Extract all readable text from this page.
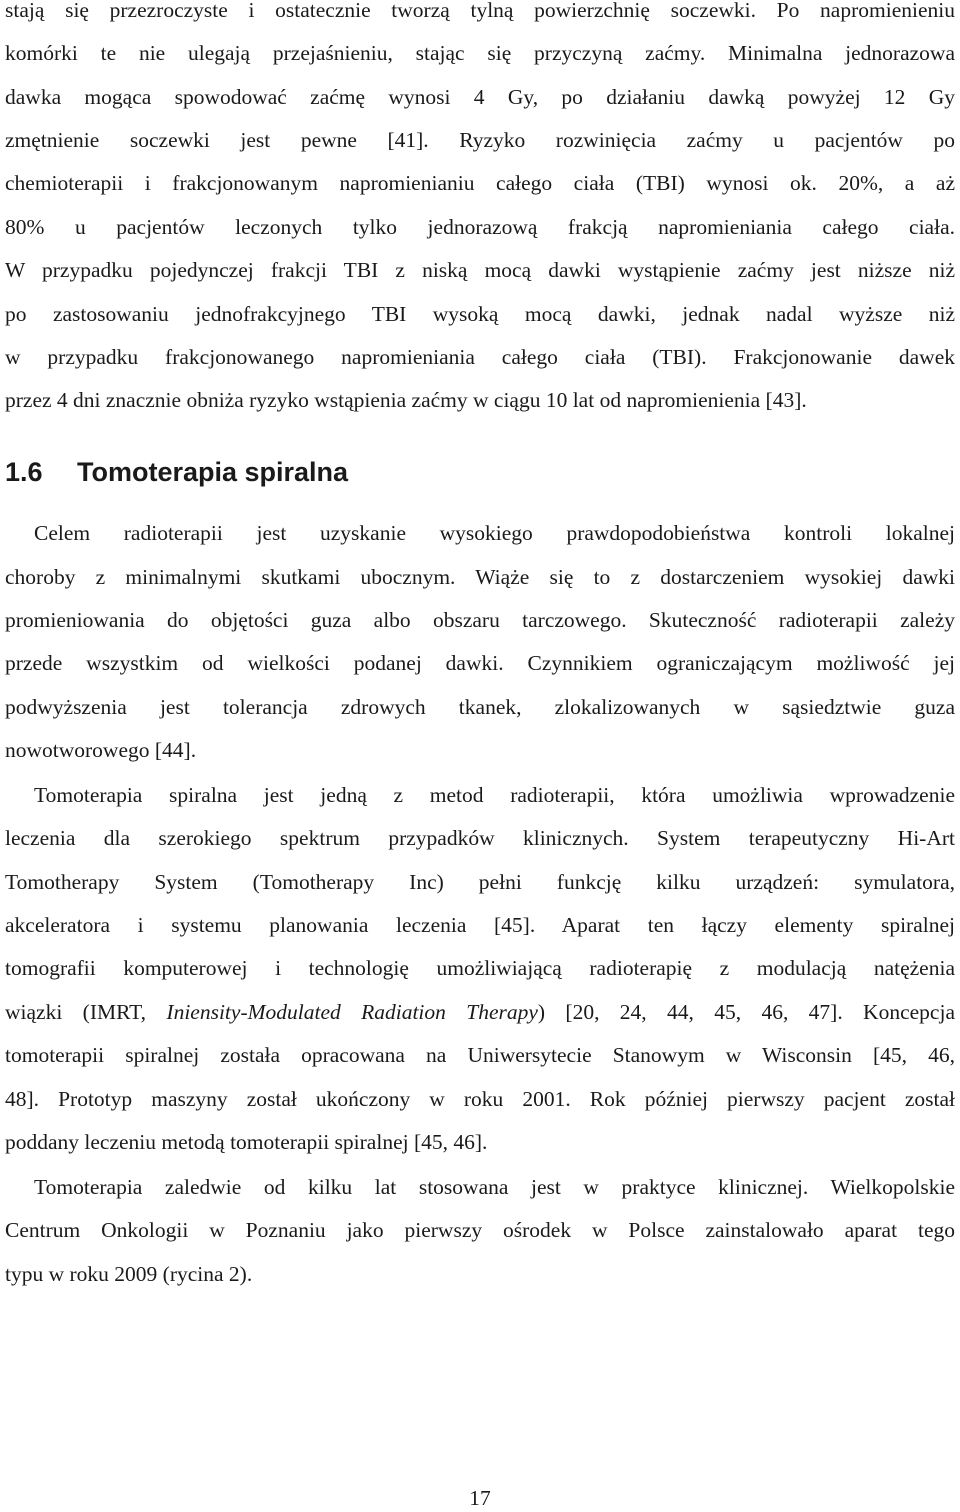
stają się przezroczyste i ostatecznie tworzą tylną powierzchnię soczewki. Po napromienieniu
komórki te nie ulegają przejaśnieniu, stając się przyczyną zaćmy. Minimalna jednorazowa
dawka mogąca spowodować zaćmę wynosi 4 Gy, po działaniu dawką powyżej 12 Gy
zmętnienie soczewki jest pewne [41]. Ryzyko rozwinięcia zaćmy u pacjentów po
chemioterapii i frakcjonowanym napromienianiu całego ciała (TBI) wynosi ok. 20%, a aż
80% u pacjentów leczonych tylko jednorazową frakcją napromieniania całego ciała.
W przypadku pojedynczej frakcji TBI z niską mocą dawki wystąpienie zaćmy jest niższe niż
po zastosowaniu jednofrakcyjnego TBI wysoką mocą dawki, jednak nadal wyższe niż
w przypadku frakcjonowanego napromieniania całego ciała (TBI). Frakcjonowanie dawek
przez 4 dni znacznie obniża ryzyko wstąpienia zaćmy w ciągu 10 lat od napromienienia [43].
1.6 Tomoterapia spiralna
Celem radioterapii jest uzyskanie wysokiego prawdopodobieństwa kontroli lokalnej
choroby z minimalnymi skutkami ubocznym. Wiąże się to z dostarczeniem wysokiej dawki
promieniowania do objętości guza albo obszaru tarczowego. Skuteczność radioterapii zależy
przede wszystkim od wielkości podanej dawki. Czynnikiem ograniczającym możliwość jej
podwyższenia jest tolerancja zdrowych tkanek, zlokalizowanych w sąsiedztwie guza
nowotworowego [44].
Tomoterapia spiralna jest jedną z metod radioterapii, która umożliwia wprowadzenie
leczenia dla szerokiego spektrum przypadków klinicznych. System terapeutyczny Hi-Art
Tomotherapy System (Tomotherapy Inc) pełni funkcję kilku urządzeń: symulatora,
akceleratora i systemu planowania leczenia [45]. Aparat ten łączy elementy spiralnej
tomografii komputerowej i technologię umożliwiającą radioterapię z modulacją natężenia
wiązki (IMRT, Iniensity-Modulated Radiation Therapy) [20, 24, 44, 45, 46, 47]. Koncepcja
tomoterapii spiralnej została opracowana na Uniwersytecie Stanowym w Wisconsin [45, 46,
48]. Prototyp maszyny został ukończony w roku 2001. Rok później pierwszy pacjent został
poddany leczeniu metodą tomoterapii spiralnej [45, 46].
Tomoterapia zaledwie od kilku lat stosowana jest w praktyce klinicznej. Wielkopolskie
Centrum Onkologii w Poznaniu jako pierwszy ośrodek w Polsce zainstalowało aparat tego
typu w roku 2009 (rycina 2).
17
